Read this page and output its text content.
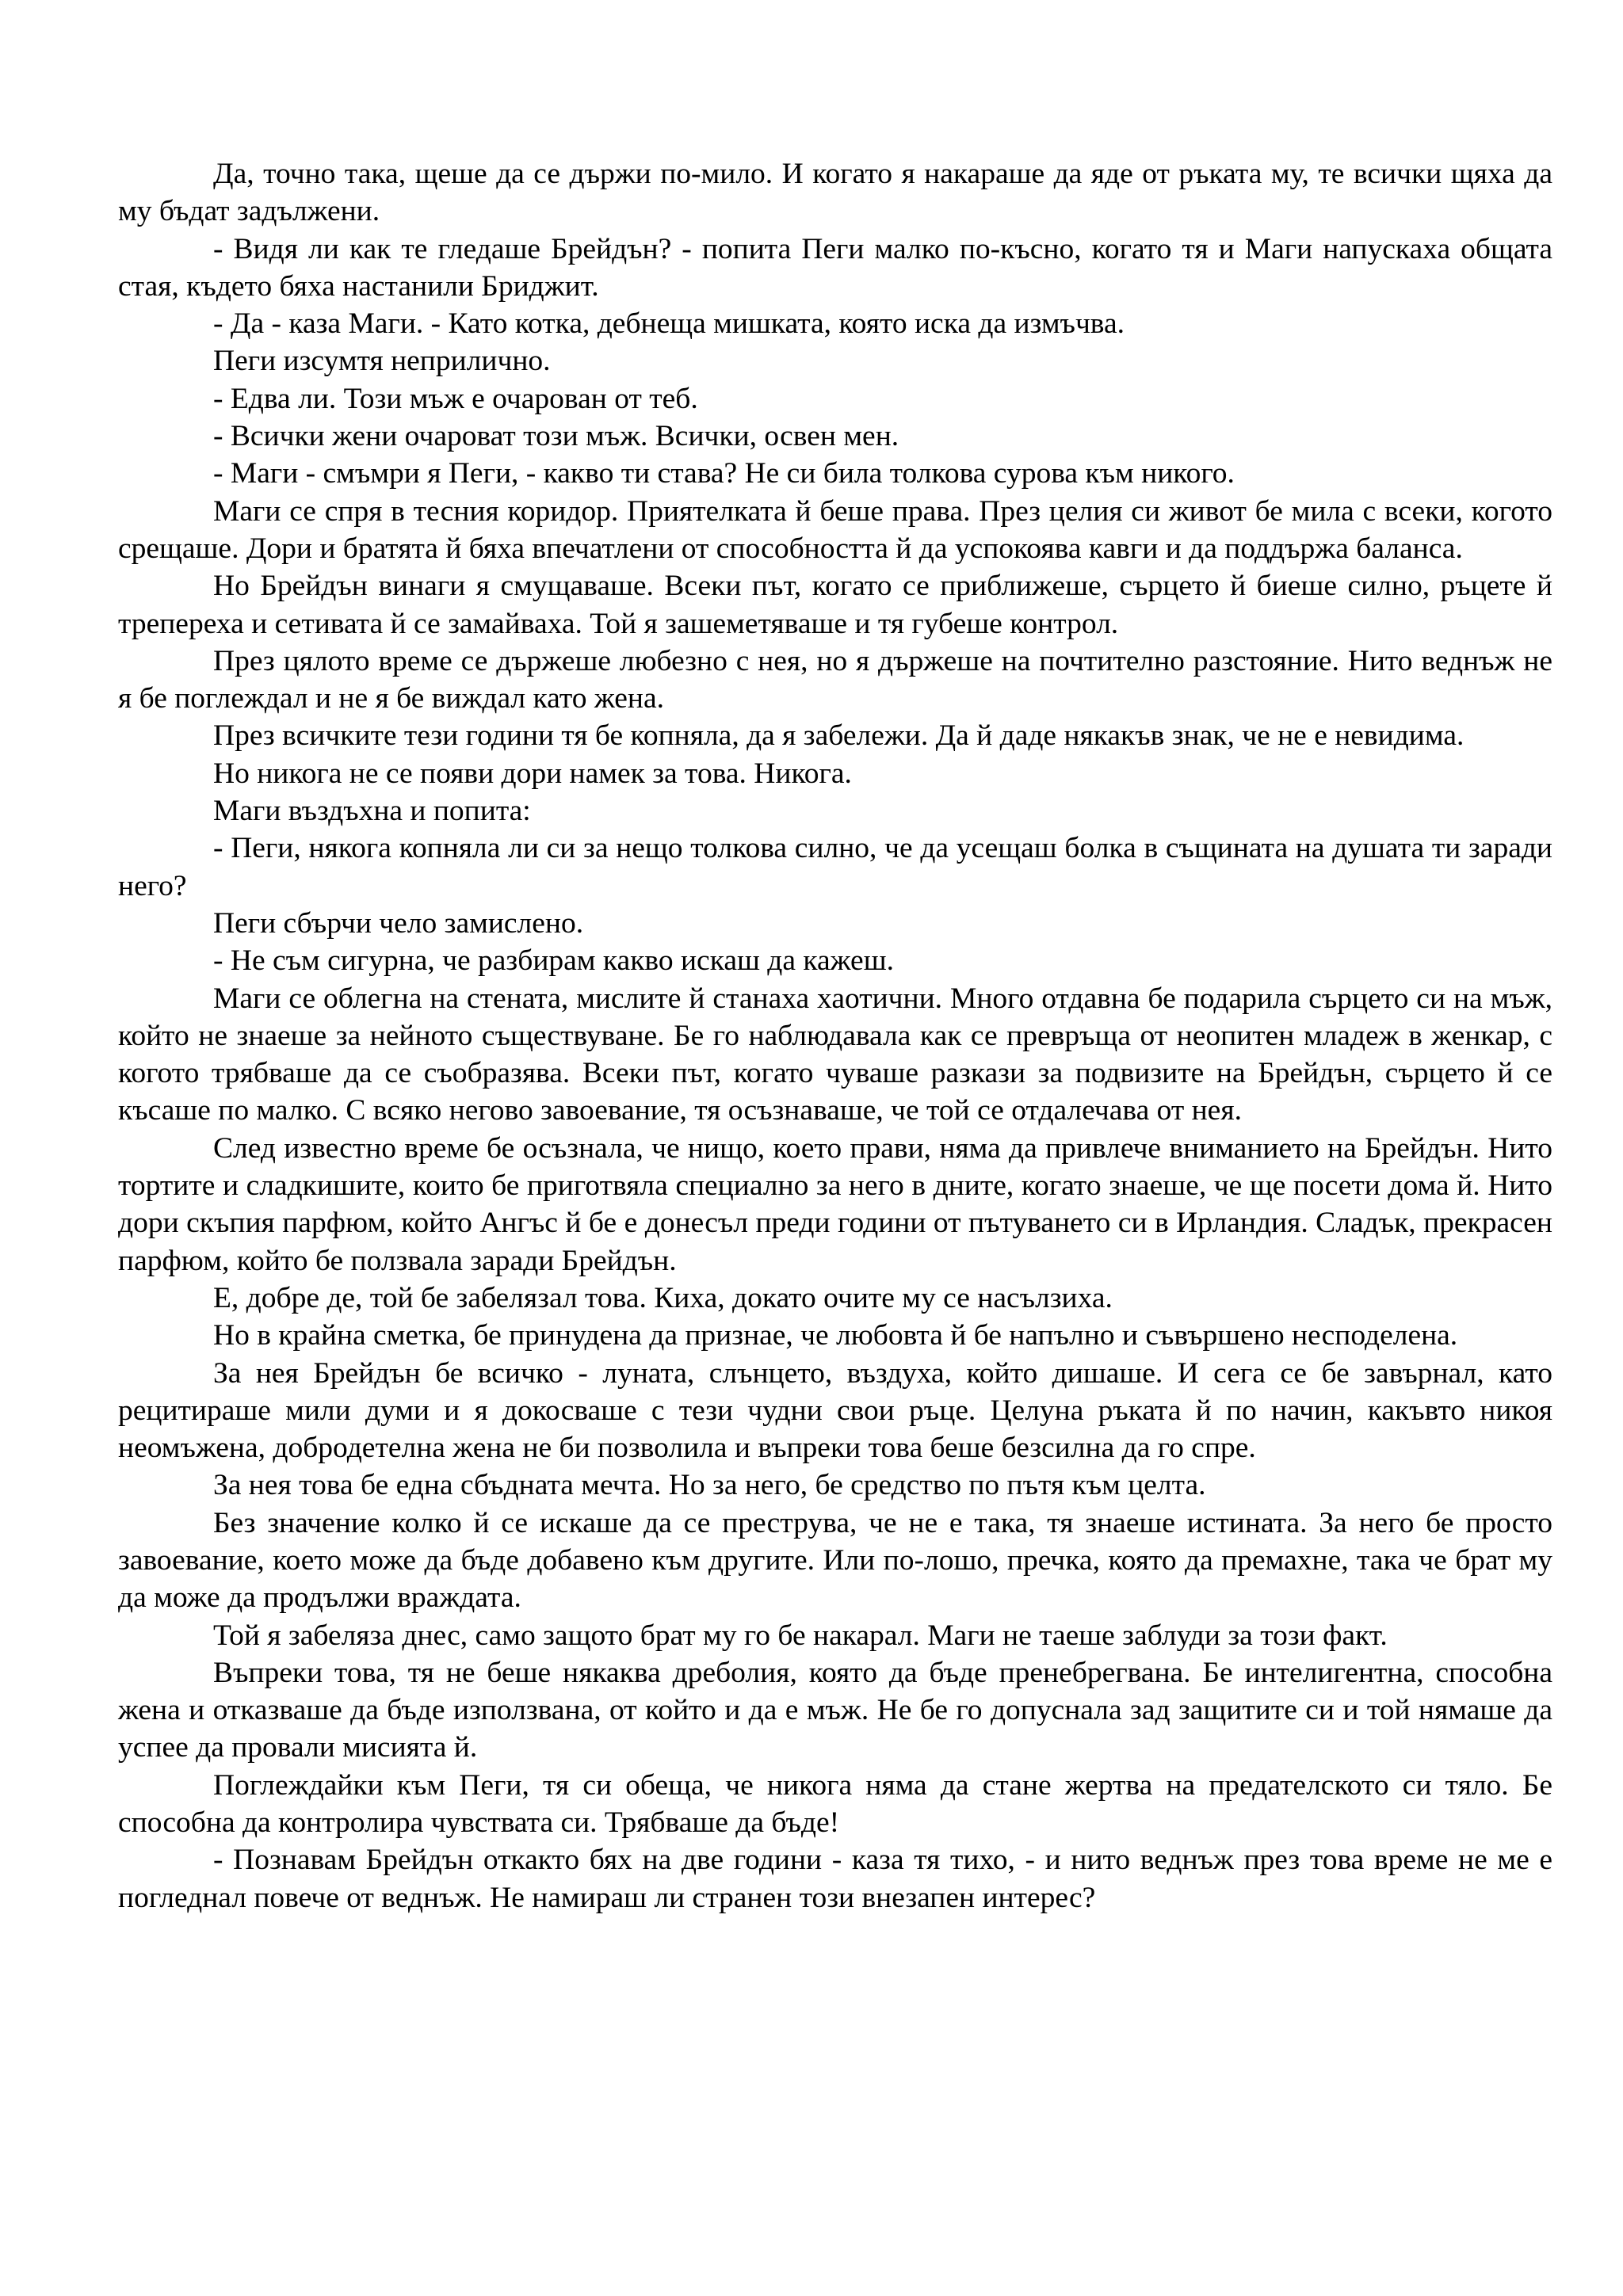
Да, точно така, щеше да се държи по-мило. И когато я накараше да яде от ръката му, те всички щяха да му бъдат задължени.

- Видя ли как те гледаше Брейдън? - попита Пеги малко по-късно, когато тя и Маги напускаха общата стая, където бяха настанили Бриджит.

- Да - каза Маги. - Като котка, дебнеща мишката, която иска да измъчва.

Пеги изсумтя неприлично.

- Едва ли. Този мъж е очарован от теб.

- Всички жени очароват този мъж. Всички, освен мен.

- Маги - смъмри я Пеги, - какво ти става? Не си била толкова сурова към никого.

Маги се спря в тесния коридор. Приятелката й беше права. През целия си живот бе мила с всеки, когото срещаше. Дори и братята й бяха впечатлени от способността й да успокоява кавги и да поддържа баланса.

Но Брейдън винаги я смущаваше. Всеки път, когато се приближеше, сърцето й биеше силно, ръцете й трепереха и сетивата й се замайваха. Той я зашеметяваше и тя губеше контрол.

През цялото време се държеше любезно с нея, но я държеше на почтително разстояние. Нито веднъж не я бе поглеждал и не я бе виждал като жена.

През всичките тези години тя бе копняла, да я забележи. Да й даде някакъв знак, че не е невидима.

Но никога не се появи дори намек за това. Никога.

Маги въздъхна и попита:

- Пеги, някога копняла ли си за нещо толкова силно, че да усещаш болка в същината на душата ти заради него?

Пеги сбърчи чело замислено.

- Не съм сигурна, че разбирам какво искаш да кажеш.

Маги се облегна на стената, мислите й станаха хаотични. Много отдавна бе подарила сърцето си на мъж, който не знаеше за нейното съществуване. Бе го наблюдавала как се превръща от неопитен младеж в женкар, с когото трябваше да се съобразява. Всеки път, когато чуваше разкази за подвизите на Брейдън, сърцето й се късаше по малко. С всяко негово завоевание, тя осъзнаваше, че той се отдалечава от нея.

След известно време бе осъзнала, че нищо, което прави, няма да привлече вниманието на Брейдън. Нито тортите и сладкишите, които бе приготвяла специално за него в дните, когато знаеше, че ще посети дома й. Нито дори скъпия парфюм, който Ангъс й бе е донесъл преди години от пътуването си в Ирландия. Сладък, прекрасен парфюм, който бе ползвала заради Брейдън.

Е, добре де, той бе забелязал това. Киха, докато очите му се насълзиха.

Но в крайна сметка, бе принудена да признае, че любовта й бе напълно и съвършено несподелена.

За нея Брейдън бе всичко - луната, слънцето, въздуха, който дишаше. И сега се бе завърнал, като рецитираше мили думи и я докосваше с тези чудни свои ръце. Целуна ръката й по начин, какъвто никоя неомъжена, добродетелна жена не би позволила и въпреки това беше безсилна да го спре.

За нея това бе една сбъдната мечта. Но за него, бе средство по пътя към целта.

Без значение колко й се искаше да се преструва, че не е така, тя знаеше истината. За него бе просто завоевание, което може да бъде добавено към другите. Или по-лошо, пречка, която да премахне, така че брат му да може да продължи враждата.

Той я забеляза днес, само защото брат му го бе накарал. Маги не таеше заблуди за този факт.

Въпреки това, тя не беше някаква дреболия, която да бъде пренебрегвана. Бе интелигентна, способна жена и отказваше да бъде използвана, от който и да е мъж. Не бе го допуснала зад защитите си и той нямаше да успее да провали мисията й.

Поглеждайки към Пеги, тя си обеща, че никога няма да стане жертва на предателското си тяло. Бе способна да контролира чувствата си. Трябваше да бъде!

- Познавам Брейдън откакто бях на две години - каза тя тихо, - и нито веднъж през това време не ме е погледнал повече от веднъж. Не намираш ли странен този внезапен интерес?
